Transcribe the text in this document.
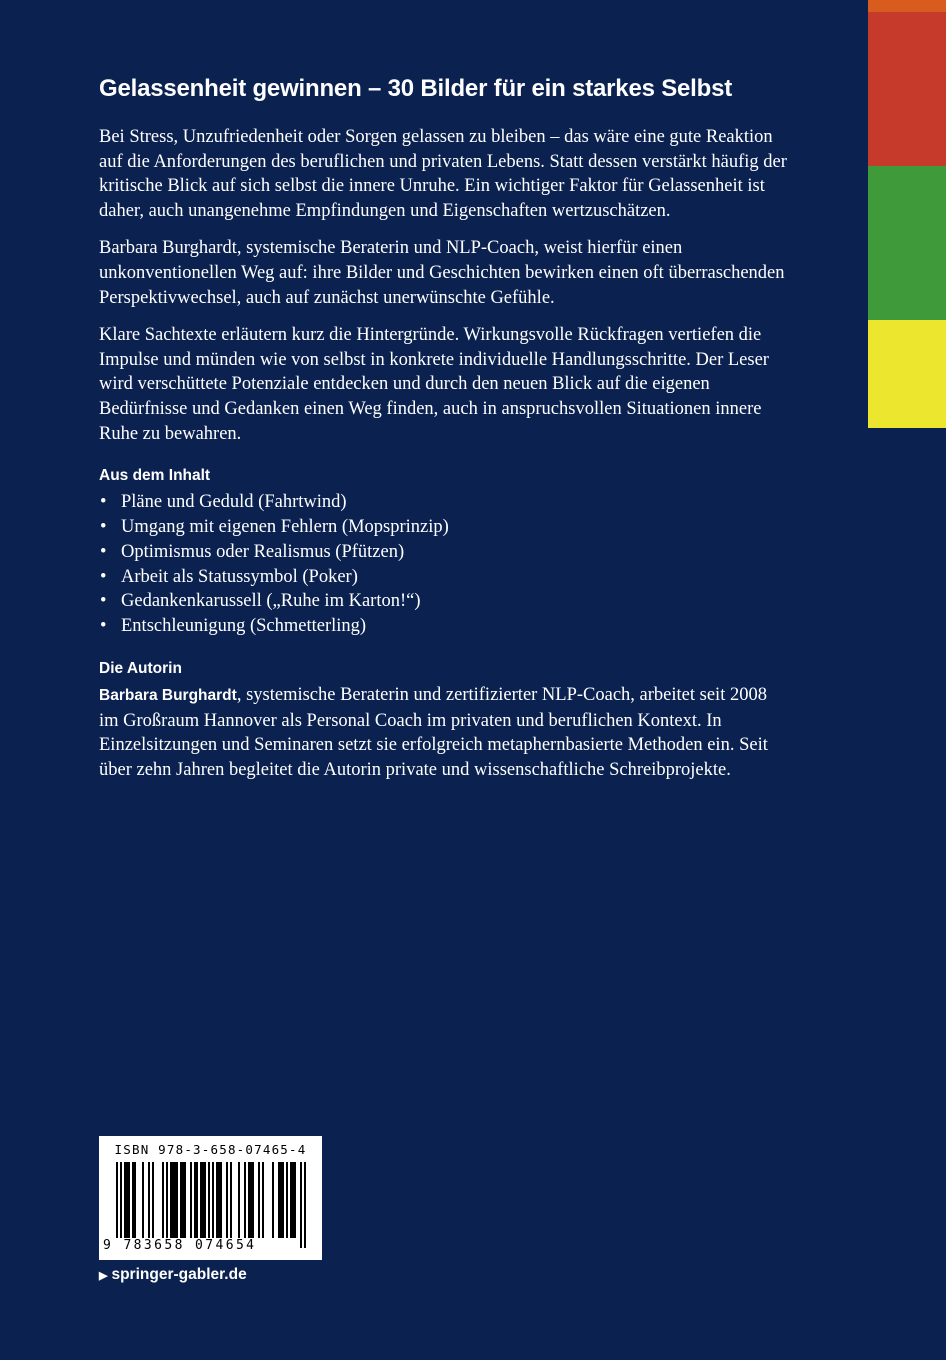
Gelassenheit gewinnen – 30 Bilder für ein starkes Selbst

Bei Stress, Unzufriedenheit oder Sorgen gelassen zu bleiben – das wäre eine gute Reaktion auf die Anforderungen des beruflichen und privaten Lebens. Statt dessen verstärkt häufig der kritische Blick auf sich selbst die innere Unruhe. Ein wichtiger Faktor für Gelassenheit ist daher, auch unangenehme Empfindungen und Eigenschaften wertzuschätzen.

Barbara Burghardt, systemische Beraterin und NLP-Coach, weist hierfür einen unkonventionellen Weg auf: ihre Bilder und Geschichten bewirken einen oft überraschenden Perspektivwechsel, auch auf zunächst unerwünschte Gefühle.

Klare Sachtexte erläutern kurz die Hintergründe. Wirkungsvolle Rückfragen vertiefen die Impulse und münden wie von selbst in konkrete individuelle Handlungsschritte. Der Leser wird verschüttete Potenziale entdecken und durch den neuen Blick auf die eigenen Bedürfnisse und Gedanken einen Weg finden, auch in anspruchsvollen Situationen innere Ruhe zu bewahren.

Aus dem Inhalt
• Pläne und Geduld (Fahrtwind)
• Umgang mit eigenen Fehlern (Mopsprinzip)
• Optimismus oder Realismus (Pfützen)
• Arbeit als Statussymbol (Poker)
• Gedankenkarussell („Ruhe im Karton!“)
• Entschleunigung (Schmetterling)
Die Autorin

Barbara Burghardt, systemische Beraterin und zertifizierter NLP-Coach, arbeitet seit 2008 im Großraum Hannover als Personal Coach im privaten und beruflichen Kontext. In Einzelsitzungen und Seminaren setzt sie erfolgreich metaphernbasierte Methoden ein. Seit über zehn Jahren begleitet die Autorin private und wissenschaftliche Schreibprojekte.

ISBN 978-3-658-07465-4
9 783658 074654
▶ springer-gabler.de
